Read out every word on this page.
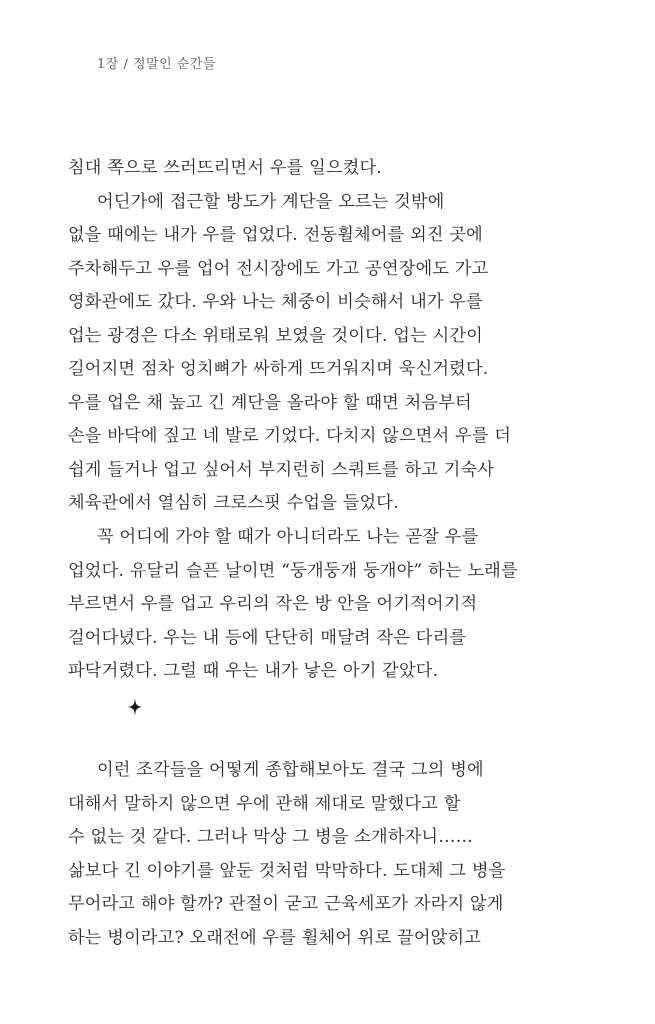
1장 / 정말인 순간들
침대 쪽으로 쓰러뜨리면서 우를 일으켰다.
어딘가에 접근할 방도가 계단을 오르는 것밖에
없을 때에는 내가 우를 업었다. 전동휠체어를 외진 곳에
주차해두고 우를 업어 전시장에도 가고 공연장에도 가고
영화관에도 갔다. 우와 나는 체중이 비슷해서 내가 우를
업는 광경은 다소 위태로워 보였을 것이다. 업는 시간이
길어지면 점차 엉치뼈가 싸하게 뜨거워지며 욱신거렸다.
우를 업은 채 높고 긴 계단을 올라야 할 때면 처음부터
손을 바닥에 짚고 네 발로 기었다. 다치지 않으면서 우를 더
쉽게 들거나 업고 싶어서 부지런히 스쿼트를 하고 기숙사
체육관에서 열심히 크로스핏 수업을 들었다.
꼭 어디에 가야 할 때가 아니더라도 나는 곧잘 우를
업었다. 유달리 슬픈 날이면 “둥개둥개 둥개야” 하는 노래를
부르면서 우를 업고 우리의 작은 방 안을 어기적어기적
걸어다녔다. 우는 내 등에 단단히 매달려 작은 다리를
파닥거렸다. 그럴 때 우는 내가 낳은 아기 같았다.
이런 조각들을 어떻게 종합해보아도 결국 그의 병에
대해서 말하지 않으면 우에 관해 제대로 말했다고 할
수 없는 것 같다. 그러나 막상 그 병을 소개하자니……
삶보다 긴 이야기를 앞둔 것처럼 막막하다. 도대체 그 병을
무어라고 해야 할까? 관절이 굳고 근육세포가 자라지 않게
하는 병이라고? 오래전에 우를 휠체어 위로 끌어앉히고
